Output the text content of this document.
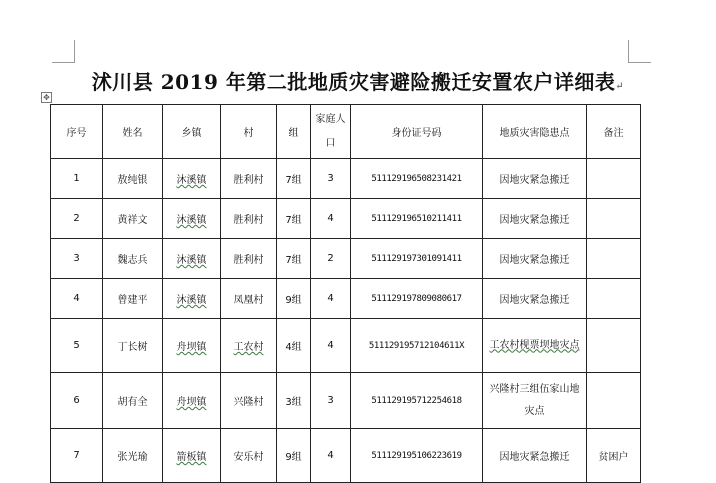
沭川县 2019 年第二批地质灾害避险搬迁安置农户详细表↵
✥
序号	姓名	乡镇	村	组	家庭人口	身份证号码	地质灾害隐患点	备注
1	敖纯银	沐溪镇	胜利村	7组	3	511129196508231421	因地灾紧急搬迁	
2	黄祥文	沐溪镇	胜利村	7组	4	511129196510211411	因地灾紧急搬迁	
3	魏志兵	沐溪镇	胜利村	7组	2	511129197301091411	因地灾紧急搬迁	
4	曾建平	沐溪镇	凤凰村	9组	4	511129197809080617	因地灾紧急搬迁	
5	丁长树	舟坝镇	工农村	4组	4	511129195712104611X	工农村枧票坝地灾点	
6	胡有全	舟坝镇	兴隆村	3组	3	511129195712254618	兴隆村三组伍家山地灾点	
7	张光瑜	箭板镇	安乐村	9组	4	511129195106223619	因地灾紧急搬迁	贫困户
